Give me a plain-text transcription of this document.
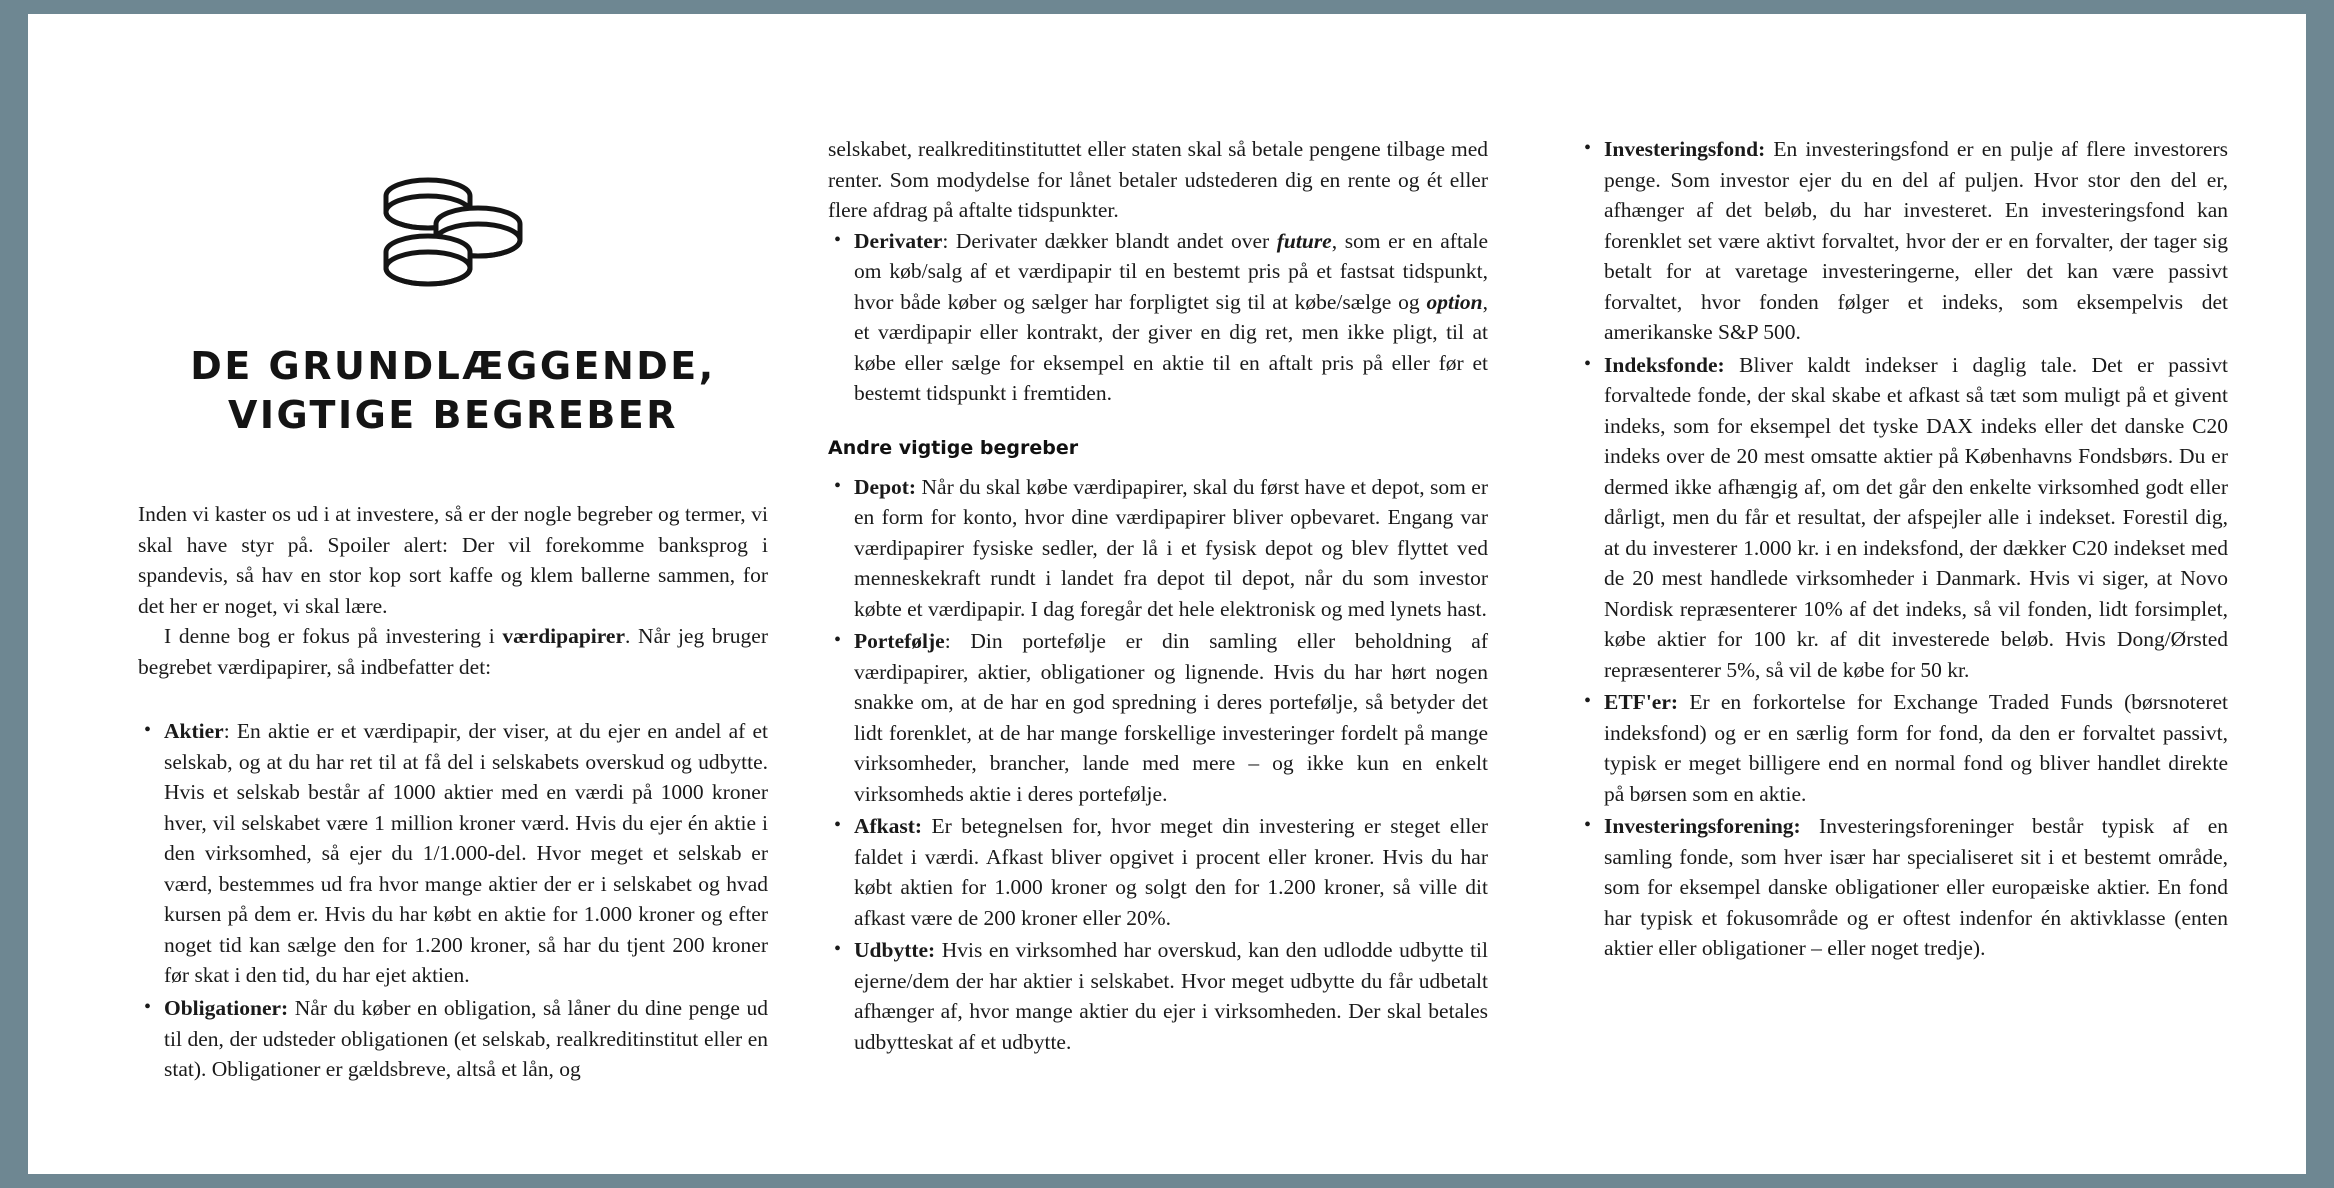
DE GRUNDLÆGGENDE,
VIGTIGE BEGREBER

Inden vi kaster os ud i at investere, så er der nogle begreber og termer, vi skal have styr på. Spoiler alert: Der vil forekomme banksprog i spandevis, så hav en stor kop sort kaffe og klem ballerne sammen, for det her er noget, vi skal lære.

I denne bog er fokus på investering i værdipapirer. Når jeg bruger begrebet værdipapirer, så indbefatter det:

• Aktier: En aktie er et værdipapir, der viser, at du ejer en andel af et selskab, og at du har ret til at få del i selskabets overskud og udbytte. Hvis et selskab består af 1000 aktier med en værdi på 1000 kroner hver, vil selskabet være 1 million kroner værd. Hvis du ejer én aktie i den virksomhed, så ejer du 1/1.000-del. Hvor meget et selskab er værd, bestemmes ud fra hvor mange aktier der er i selskabet og hvad kursen på dem er. Hvis du har købt en aktie for 1.000 kroner og efter noget tid kan sælge den for 1.200 kroner, så har du tjent 200 kroner før skat i den tid, du har ejet aktien.
• Obligationer: Når du køber en obligation, så låner du dine penge ud til den, der udsteder obligationen (et selskab, realkreditinstitut eller en stat). Obligationer er gældsbreve, altså et lån, og

selskabet, realkreditinstituttet eller staten skal så betale pengene tilbage med renter. Som modydelse for lånet betaler udstederen dig en rente og ét eller flere afdrag på aftalte tidspunkter.

• Derivater: Derivater dækker blandt andet over future, som er en aftale om køb/salg af et værdipapir til en bestemt pris på et fastsat tidspunkt, hvor både køber og sælger har forpligtet sig til at købe/sælge og option, et værdipapir eller kontrakt, der giver en dig ret, men ikke pligt, til at købe eller sælge for eksempel en aktie til en aftalt pris på eller før et bestemt tidspunkt i fremtiden.
Andre vigtige begreber
• Depot: Når du skal købe værdipapirer, skal du først have et depot, som er en form for konto, hvor dine værdipapirer bliver opbevaret. Engang var værdipapirer fysiske sedler, der lå i et fysisk depot og blev flyttet ved menneskekraft rundt i landet fra depot til depot, når du som investor købte et værdipapir. I dag foregår det hele elektronisk og med lynets hast.
• Portefølje: Din portefølje er din samling eller beholdning af værdipapirer, aktier, obligationer og lignende. Hvis du har hørt nogen snakke om, at de har en god spredning i deres portefølje, så betyder det lidt forenklet, at de har mange forskellige investeringer fordelt på mange virksomheder, brancher, lande med mere – og ikke kun en enkelt virksomheds aktie i deres portefølje.
• Afkast: Er betegnelsen for, hvor meget din investering er steget eller faldet i værdi. Afkast bliver opgivet i procent eller kroner. Hvis du har købt aktien for 1.000 kroner og solgt den for 1.200 kroner, så ville dit afkast være de 200 kroner eller 20%.
• Udbytte: Hvis en virksomhed har overskud, kan den udlodde udbytte til ejerne/dem der har aktier i selskabet. Hvor meget udbytte du får udbetalt afhænger af, hvor mange aktier du ejer i virksomheden. Der skal betales udbytteskat af et udbytte.
• Investeringsfond: En investeringsfond er en pulje af flere investorers penge. Som investor ejer du en del af puljen. Hvor stor den del er, afhænger af det beløb, du har investeret. En investeringsfond kan forenklet set være aktivt forvaltet, hvor der er en forvalter, der tager sig betalt for at varetage investeringerne, eller det kan være passivt forvaltet, hvor fonden følger et indeks, som eksempelvis det amerikanske S&P 500.
• Indeksfonde: Bliver kaldt indekser i daglig tale. Det er passivt forvaltede fonde, der skal skabe et afkast så tæt som muligt på et givent indeks, som for eksempel det tyske DAX indeks eller det danske C20 indeks over de 20 mest omsatte aktier på Københavns Fondsbørs. Du er dermed ikke afhængig af, om det går den enkelte virksomhed godt eller dårligt, men du får et resultat, der afspejler alle i indekset. Forestil dig, at du investerer 1.000 kr. i en indeksfond, der dækker C20 indekset med de 20 mest handlede virksomheder i Danmark. Hvis vi siger, at Novo Nordisk repræsenterer 10% af det indeks, så vil fonden, lidt forsimplet, købe aktier for 100 kr. af dit investerede beløb. Hvis Dong/Ørsted repræsenterer 5%, så vil de købe for 50 kr.
• ETF'er: Er en forkortelse for Exchange Traded Funds (børsnoteret indeksfond) og er en særlig form for fond, da den er forvaltet passivt, typisk er meget billigere end en normal fond og bliver handlet direkte på børsen som en aktie.
• Investeringsforening: Investeringsforeninger består typisk af en samling fonde, som hver især har specialiseret sit i et bestemt område, som for eksempel danske obligationer eller europæiske aktier. En fond har typisk et fokusområde og er oftest indenfor én aktivklasse (enten aktier eller obligationer – eller noget tredje).
